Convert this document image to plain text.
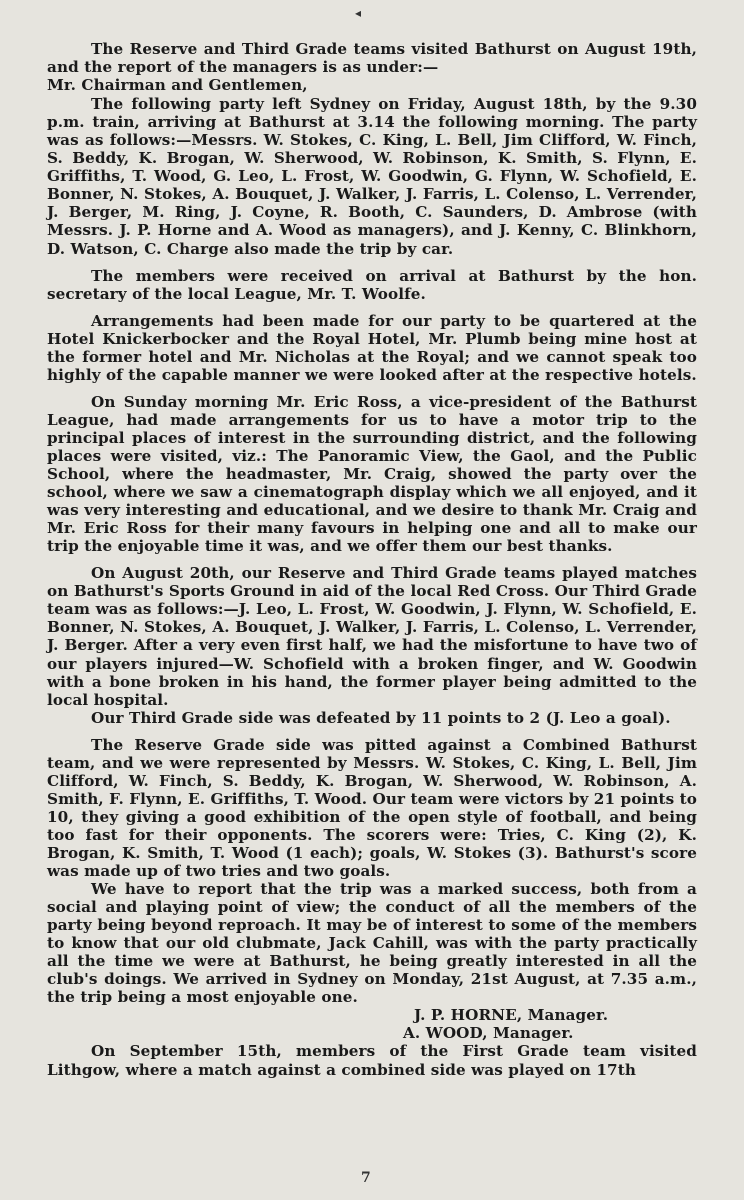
◂

The Reserve and Third Grade teams visited Bathurst on August 19th, and the report of the managers is as under:—

Mr. Chairman and Gentlemen,

The following party left Sydney on Friday, August 18th, by the 9.30 p.m. train, arriving at Bathurst at 3.14 the following morning. The party was as follows:—Messrs. W. Stokes, C. King, L. Bell, Jim Clifford, W. Finch, S. Beddy, K. Brogan, W. Sherwood, W. Robinson, K. Smith, S. Flynn, E. Griffiths, T. Wood, G. Leo, L. Frost, W. Goodwin, G. Flynn, W. Schofield, E. Bonner, N. Stokes, A. Bouquet, J. Walker, J. Farris, L. Colenso, L. Verrender, J. Berger, M. Ring, J. Coyne, R. Booth, C. Saunders, D. Ambrose (with Messrs. J. P. Horne and A. Wood as managers), and J. Kenny, C. Blinkhorn, D. Watson, C. Charge also made the trip by car.

The members were received on arrival at Bathurst by the hon. secretary of the local League, Mr. T. Woolfe.

Arrangements had been made for our party to be quartered at the Hotel Knickerbocker and the Royal Hotel, Mr. Plumb being mine host at the former hotel and Mr. Nicholas at the Royal; and we cannot speak too highly of the capable manner we were looked after at the respective hotels.

On Sunday morning Mr. Eric Ross, a vice-president of the Bathurst League, had made arrangements for us to have a motor trip to the principal places of interest in the surrounding district, and the following places were visited, viz.: The Panoramic View, the Gaol, and the Public School, where the headmaster, Mr. Craig, showed the party over the school, where we saw a cinematograph display which we all enjoyed, and it was very interesting and educational, and we desire to thank Mr. Craig and Mr. Eric Ross for their many favours in helping one and all to make our trip the enjoyable time it was, and we offer them our best thanks.

On August 20th, our Reserve and Third Grade teams played matches on Bathurst's Sports Ground in aid of the local Red Cross. Our Third Grade team was as follows:—J. Leo, L. Frost, W. Goodwin, J. Flynn, W. Schofield, E. Bonner, N. Stokes, A. Bouquet, J. Walker, J. Farris, L. Colenso, L. Verrender, J. Berger. After a very even first half, we had the misfortune to have two of our players injured—W. Schofield with a broken finger, and W. Goodwin with a bone broken in his hand, the former player being admitted to the local hospital.

Our Third Grade side was defeated by 11 points to 2 (J. Leo a goal).

The Reserve Grade side was pitted against a Combined Bathurst team, and we were represented by Messrs. W. Stokes, C. King, L. Bell, Jim Clifford, W. Finch, S. Beddy, K. Brogan, W. Sherwood, W. Robinson, A. Smith, F. Flynn, E. Griffiths, T. Wood. Our team were victors by 21 points to 10, they giving a good exhibition of the open style of football, and being too fast for their opponents. The scorers were: Tries, C. King (2), K. Brogan, K. Smith, T. Wood (1 each); goals, W. Stokes (3). Bathurst's score was made up of two tries and two goals.

We have to report that the trip was a marked success, both from a social and playing point of view; the conduct of all the members of the party being beyond reproach. It may be of interest to some of the members to know that our old clubmate, Jack Cahill, was with the party practically all the time we were at Bathurst, he being greatly interested in all the club's doings. We arrived in Sydney on Monday, 21st August, at 7.35 a.m., the trip being a most enjoyable one.

J. P. HORNE, Manager.

A. WOOD, Manager.

On September 15th, members of the First Grade team visited Lithgow, where a match against a combined side was played on 17th

7
